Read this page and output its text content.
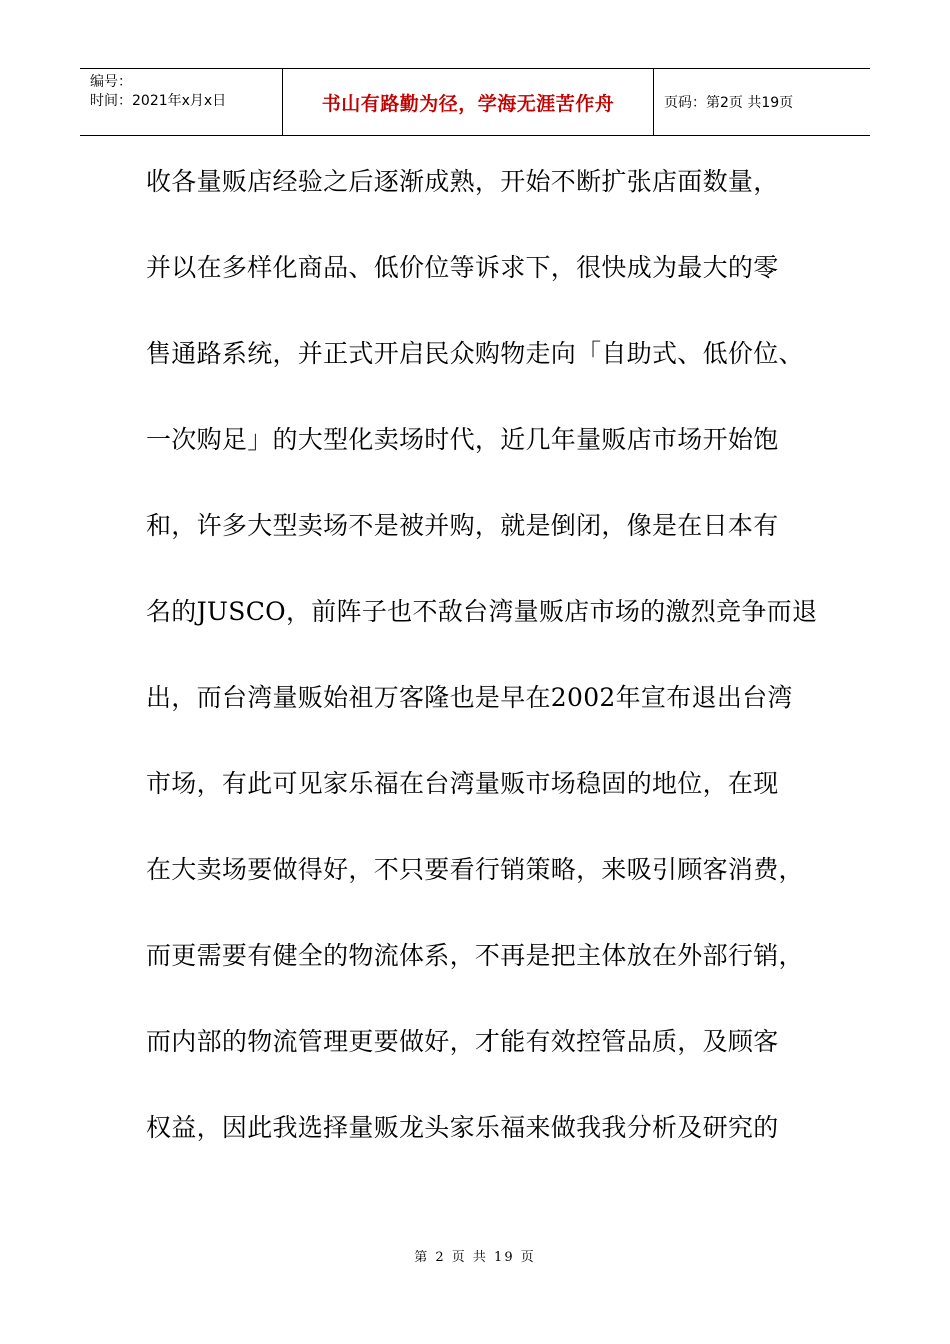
编号：
时间：2021年x月x日	书山有路勤为径，学海无涯苦作舟	页码：第2页 共19页
收各量贩店经验之后逐渐成熟，开始不断扩张店面数量，
并以在多样化商品、低价位等诉求下，很快成为最大的零
售通路系统，并正式开启民众购物走向「自助式、低价位、
一次购足」的大型化卖场时代，近几年量贩店市场开始饱
和，许多大型卖场不是被并购，就是倒闭，像是在日本有
名的JUSCO，前阵子也不敌台湾量贩店市场的激烈竞争而退
出，而台湾量贩始祖万客隆也是早在2002年宣布退出台湾
市场，有此可见家乐福在台湾量贩市场稳固的地位，在现
在大卖场要做得好，不只要看行销策略，来吸引顾客消费，
而更需要有健全的物流体系，不再是把主体放在外部行销，
而内部的物流管理更要做好，才能有效控管品质，及顾客
权益，因此我选择量贩龙头家乐福来做我我分析及研究的
第 2 页 共 19 页
